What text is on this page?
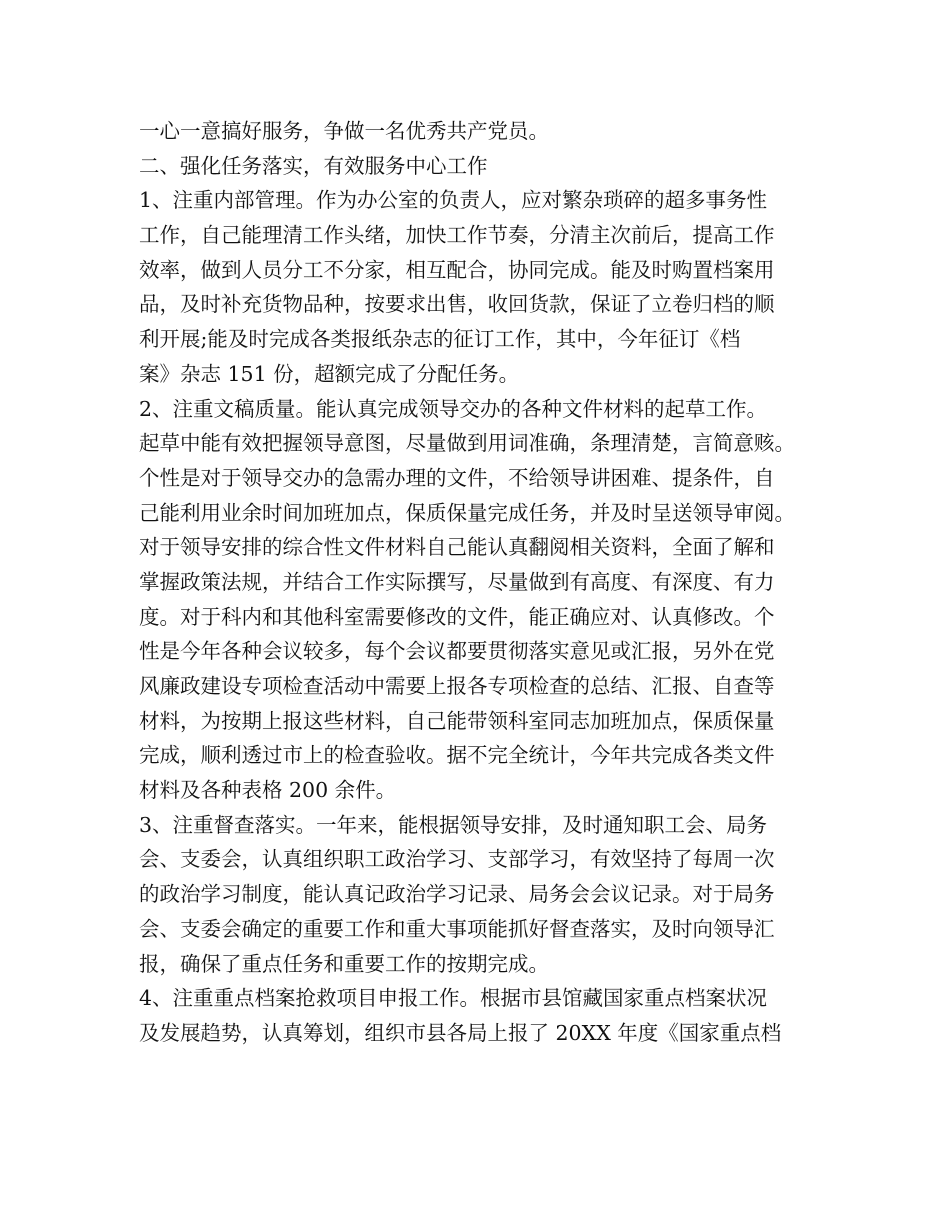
一心一意搞好服务，争做一名优秀共产党员。
二、强化任务落实，有效服务中心工作
1、注重内部管理。作为办公室的负责人，应对繁杂琐碎的超多事务性
工作，自己能理清工作头绪，加快工作节奏，分清主次前后，提高工作
效率，做到人员分工不分家，相互配合，协同完成。能及时购置档案用
品，及时补充货物品种，按要求出售，收回货款，保证了立卷归档的顺
利开展;能及时完成各类报纸杂志的征订工作，其中，今年征订《档
案》杂志 151 份，超额完成了分配任务。
2、注重文稿质量。能认真完成领导交办的各种文件材料的起草工作。
起草中能有效把握领导意图，尽量做到用词准确，条理清楚，言简意赅。
个性是对于领导交办的急需办理的文件，不给领导讲困难、提条件，自
己能利用业余时间加班加点，保质保量完成任务，并及时呈送领导审阅。
对于领导安排的综合性文件材料自己能认真翻阅相关资料，全面了解和
掌握政策法规，并结合工作实际撰写，尽量做到有高度、有深度、有力
度。对于科内和其他科室需要修改的文件，能正确应对、认真修改。个
性是今年各种会议较多，每个会议都要贯彻落实意见或汇报，另外在党
风廉政建设专项检查活动中需要上报各专项检查的总结、汇报、自查等
材料，为按期上报这些材料，自己能带领科室同志加班加点，保质保量
完成，顺利透过市上的检查验收。据不完全统计，今年共完成各类文件
材料及各种表格 200 余件。
3、注重督查落实。一年来，能根据领导安排，及时通知职工会、局务
会、支委会，认真组织职工政治学习、支部学习，有效坚持了每周一次
的政治学习制度，能认真记政治学习记录、局务会会议记录。对于局务
会、支委会确定的重要工作和重大事项能抓好督查落实，及时向领导汇
报，确保了重点任务和重要工作的按期完成。
4、注重重点档案抢救项目申报工作。根据市县馆藏国家重点档案状况
及发展趋势，认真筹划，组织市县各局上报了 20XX 年度《国家重点档
